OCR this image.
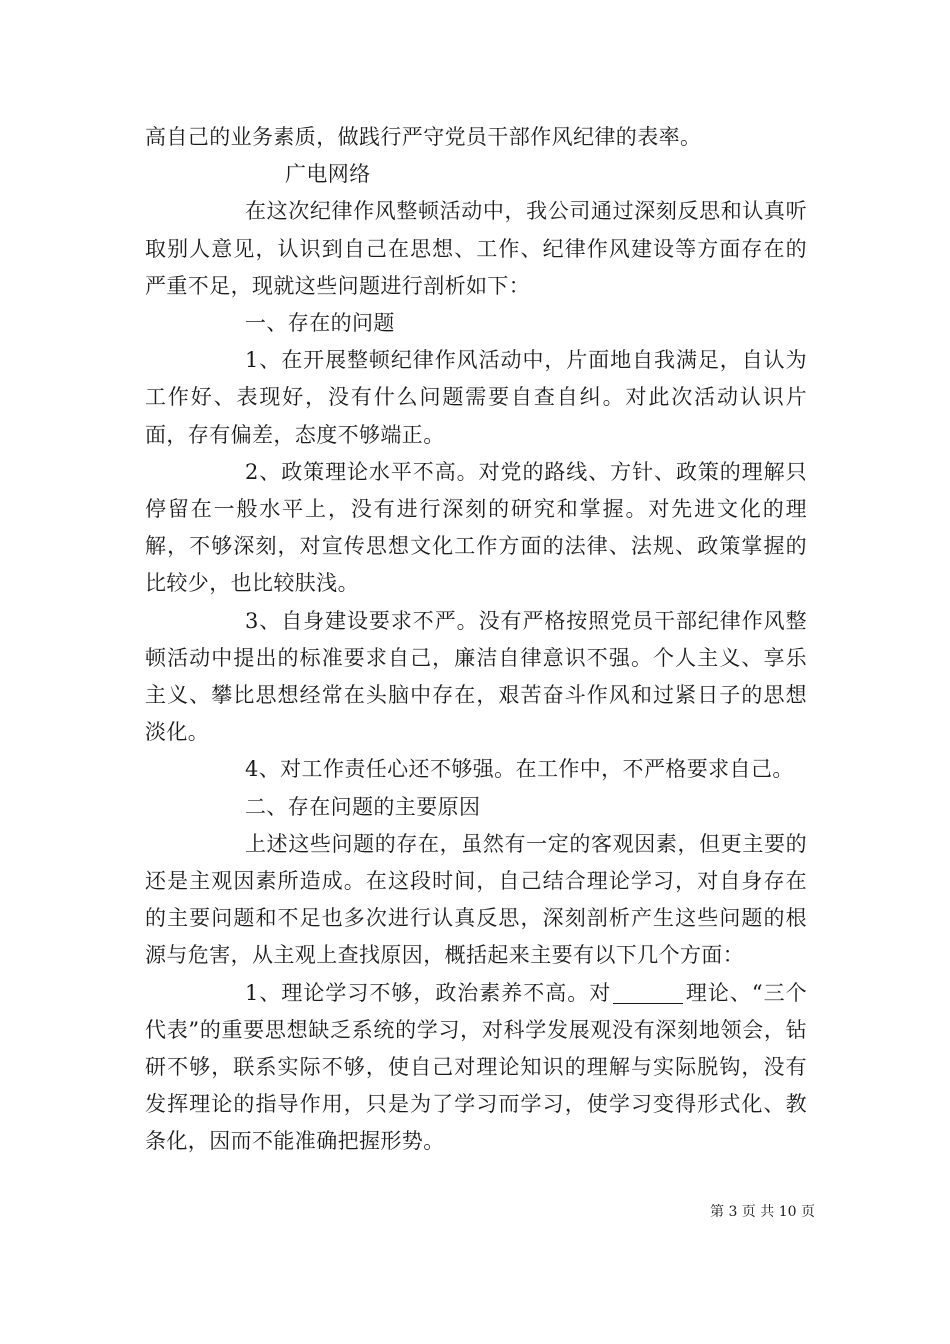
高自己的业务素质，做践行严守党员干部作风纪律的表率。

广电网络

在这次纪律作风整顿活动中，我公司通过深刻反思和认真听取别人意见，认识到自己在思想、工作、纪律作风建设等方面存在的严重不足，现就这些问题进行剖析如下：

一、存在的问题

1、在开展整顿纪律作风活动中，片面地自我满足，自认为工作好、表现好，没有什么问题需要自查自纠。对此次活动认识片面，存有偏差，态度不够端正。

2、政策理论水平不高。对党的路线、方针、政策的理解只停留在一般水平上，没有进行深刻的研究和掌握。对先进文化的理解，不够深刻，对宣传思想文化工作方面的法律、法规、政策掌握的比较少，也比较肤浅。

3、自身建设要求不严。没有严格按照党员干部纪律作风整顿活动中提出的标准要求自己，廉洁自律意识不强。个人主义、享乐主义、攀比思想经常在头脑中存在，艰苦奋斗作风和过紧日子的思想淡化。

4、对工作责任心还不够强。在工作中，不严格要求自己。

二、存在问题的主要原因

上述这些问题的存在，虽然有一定的客观因素，但更主要的还是主观因素所造成。在这段时间，自己结合理论学习，对自身存在的主要问题和不足也多次进行认真反思，深刻剖析产生这些问题的根源与危害，从主观上查找原因，概括起来主要有以下几个方面：

1、理论学习不够，政治素养不高。对	理论、“三个代表”的重要思想缺乏系统的学习，对科学发展观没有深刻地领会，钻研不够，联系实际不够，使自己对理论知识的理解与实际脱钩，没有发挥理论的指导作用，只是为了学习而学习，使学习变得形式化、教条化，因而不能准确把握形势。

第 3 页 共 10 页
